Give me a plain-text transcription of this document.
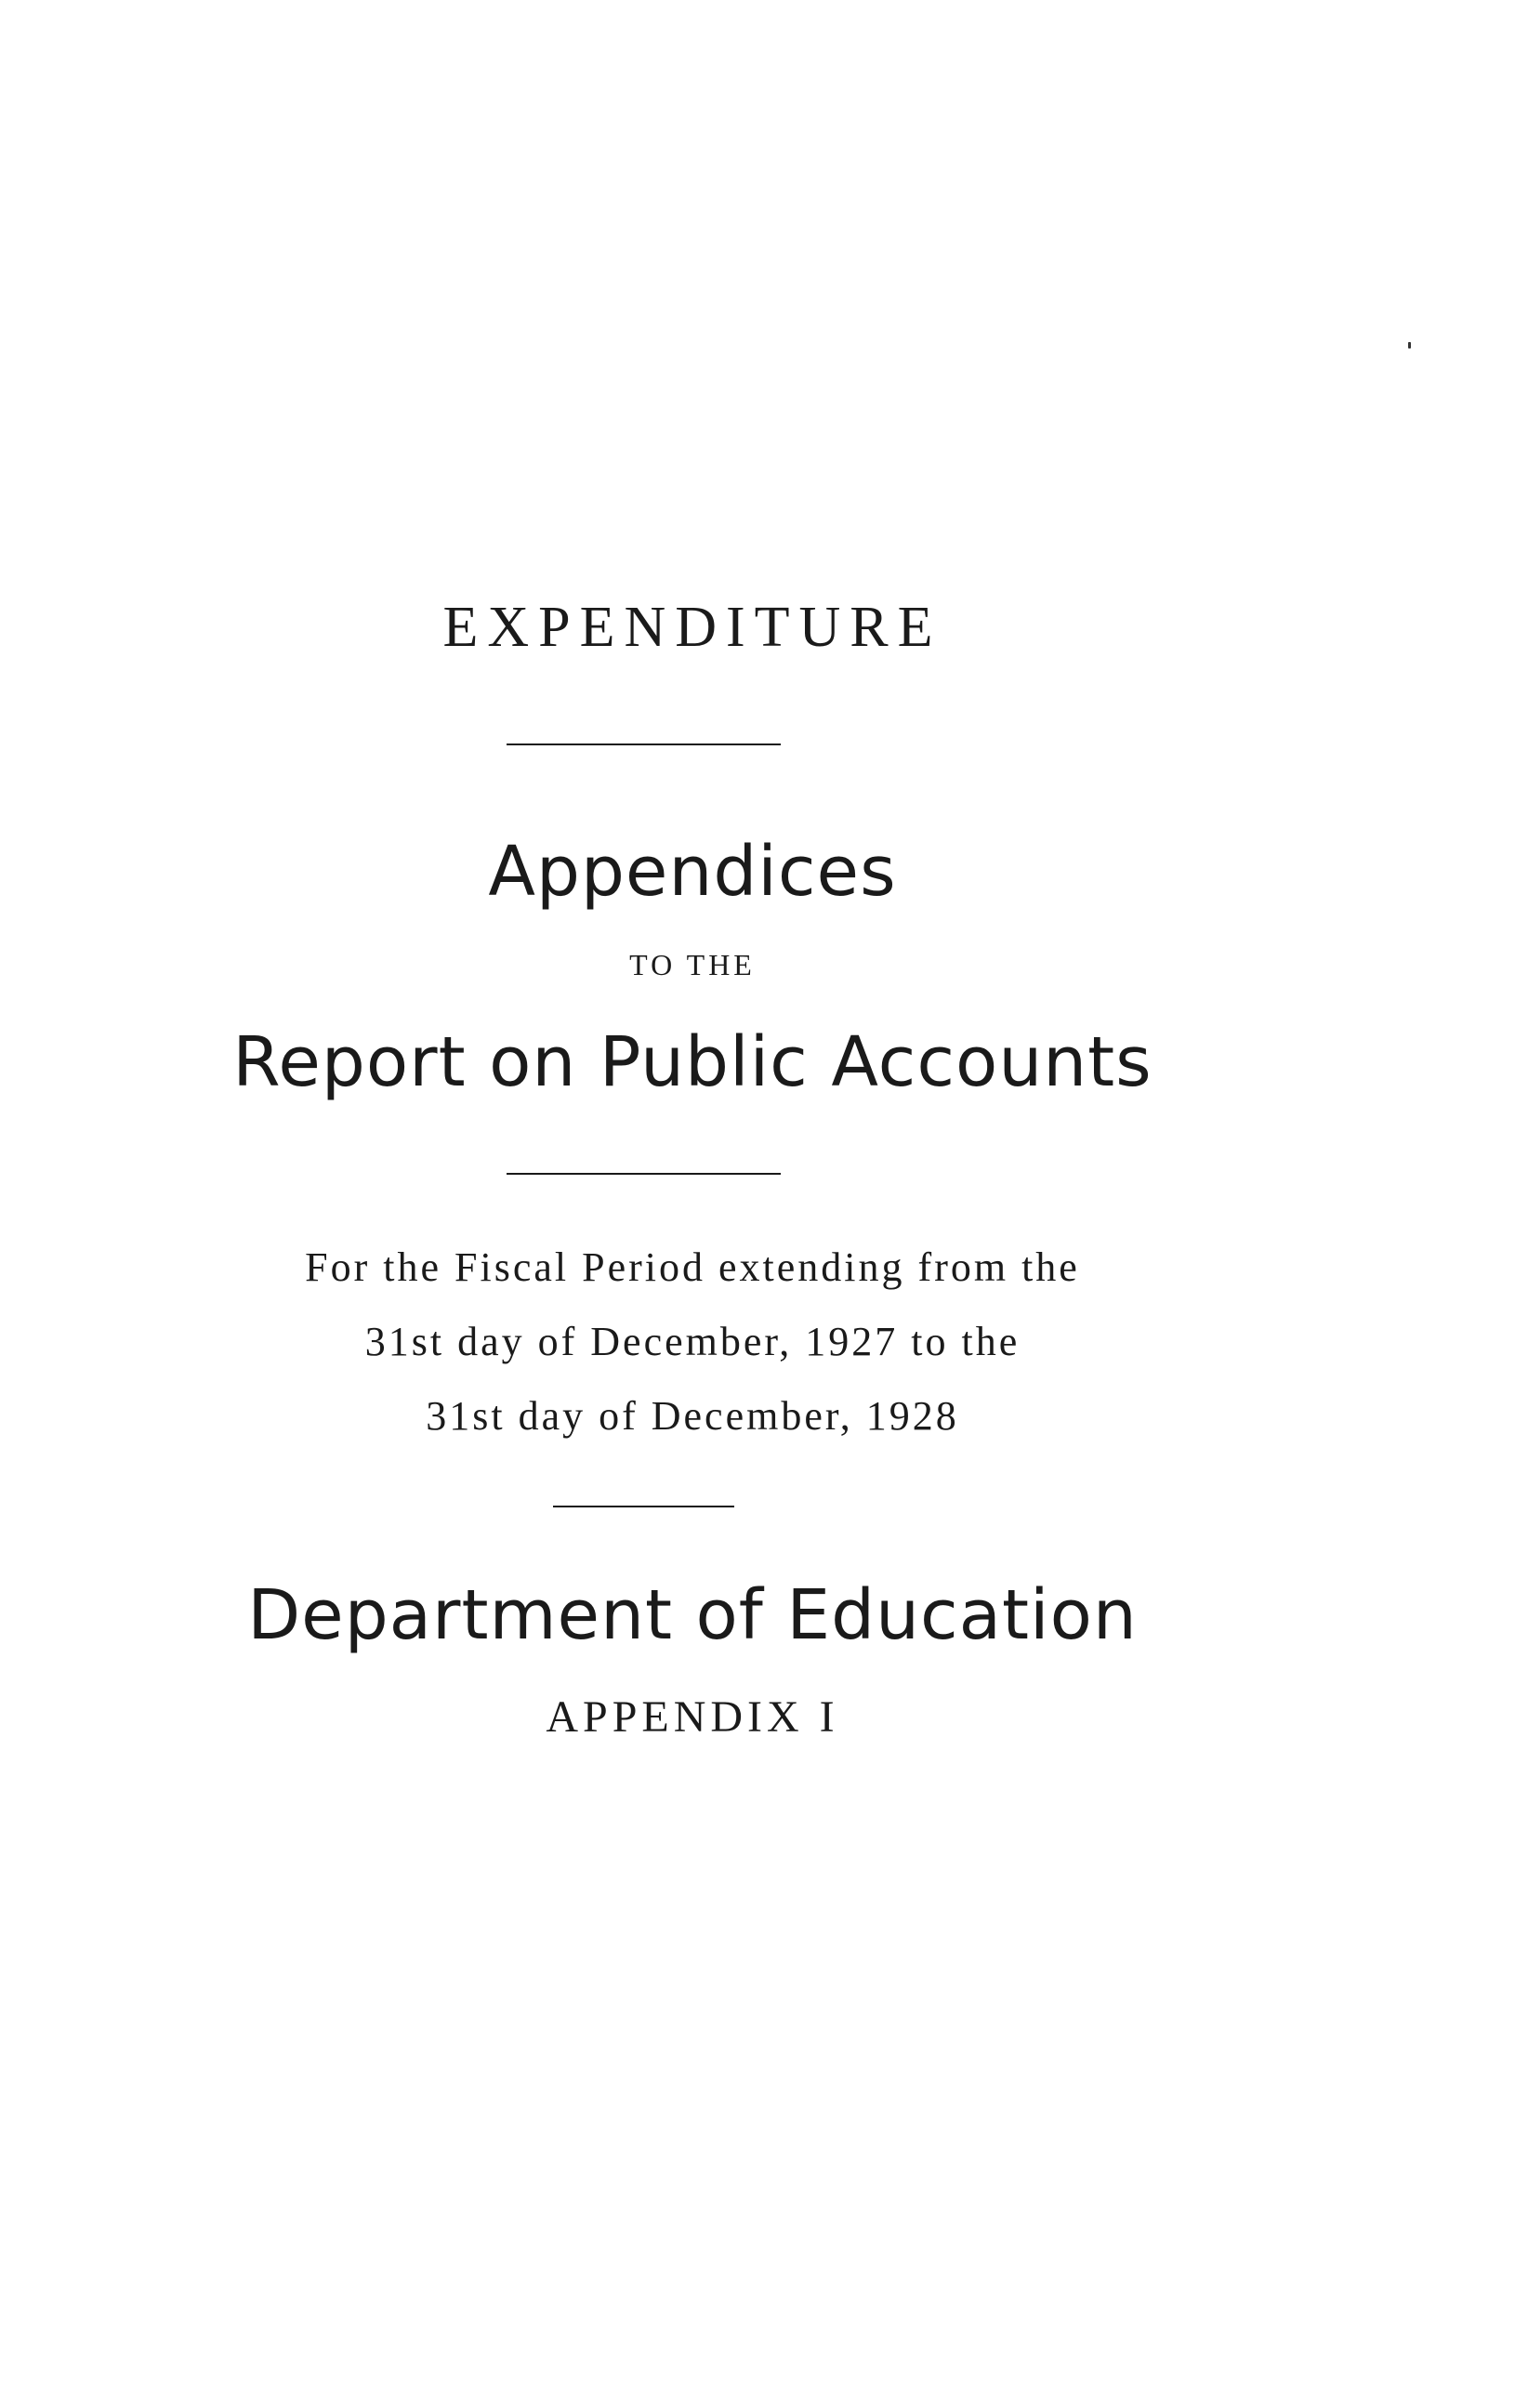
EXPENDITURE
Appendices
TO THE
Report on Public Accounts
For the Fiscal Period extending from the
31st day of December, 1927 to the
31st day of December, 1928
Department of Education
APPENDIX I
